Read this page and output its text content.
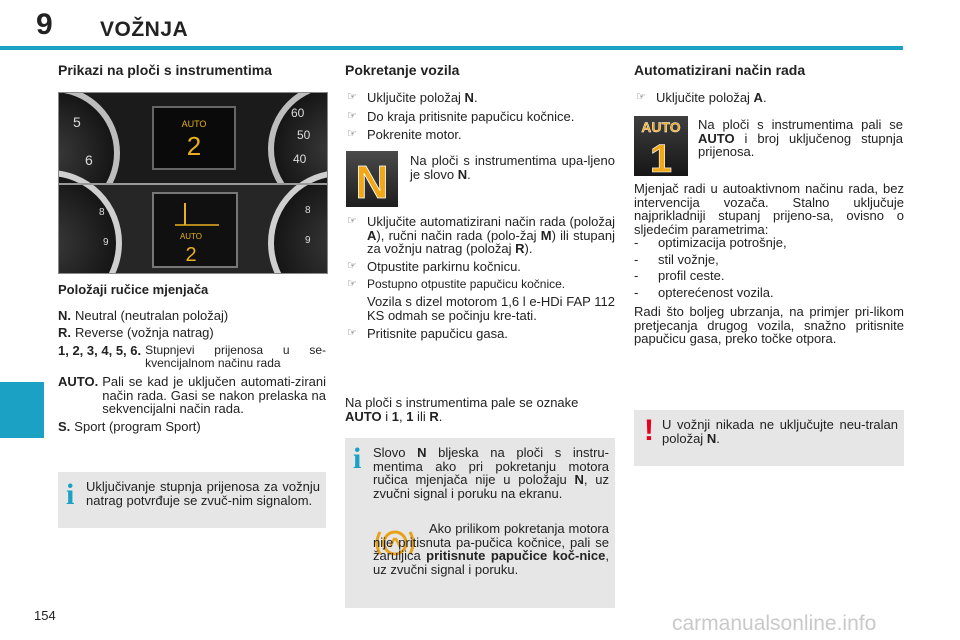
9 VOŽNJA
Prikazi na ploči s instrumentima
5
6
60
50
40
AUTO
2
AUTO
2
8
9
8
9
Položaji ručice mjenjača
N. Neutral (neutralan položaj)
R. Reverse (vožnja natrag)
1, 2, 3, 4, 5, 6. Stupnjevi prijenosa u se-kvencijalnom načinu rada
AUTO. Pali se kad je uključen automati-zirani način rada. Gasi se nakon prelaska na sekvencijalni način rada.
S. Sport (program Sport)
i Uključivanje stupnja prijenosa za vožnju natrag potvrđuje se zvuč-nim signalom.
Pokretanje vozila
☞ Uključite položaj N.
☞ Do kraja pritisnite papučicu kočnice.
☞ Pokrenite motor.
N Na ploči s instrumentima upa-ljeno je slovo N.
☞ Uključite automatizirani način rada (položaj A), ručni način rada (polo-žaj M) ili stupanj za vožnju natrag (položaj R).
☞ Otpustite parkirnu kočnicu.
☞ Postupno otpustite papučicu kočnice.
Vozila s dizel motorom 1,6 l e-HDi FAP 112 KS odmah se počinju kre-tati.
☞ Pritisnite papučicu gasa.
Na ploči s instrumentima pale se oznake AUTO i 1, 1 ili R.
i Slovo N bljeska na ploči s instru-mentima ako pri pokretanju motora ručica mjenjača nije u položaju N, uz zvučni signal i poruku na ekranu.
Ako prilikom pokretanja motora nije pritisnuta pa-pučica kočnice, pali se žaruljica pritisnute papučice koč-nice, uz zvučni signal i poruku.
Automatizirani način rada
☞ Uključite položaj A.
AUTO
1
Na ploči s instrumentima pali se AUTO i broj uključenog stupnja prijenosa.
Mjenjač radi u autoaktivnom načinu rada, bez intervencija vozača. Stalno uključuje najprikladniji stupanj prijeno-sa, ovisno o sljedećim parametrima:
-	optimizacija potrošnje,
-	stil vožnje,
-	profil ceste.
-	opterećenost vozila.
Radi što boljeg ubrzanja, na primjer pri-likom pretjecanja drugog vozila, snažno pritisnite papučicu gasa, preko točke otpora.
! U vožnji nikada ne uključujte neu-tralan položaj N.
154	carmanualsonline.info
